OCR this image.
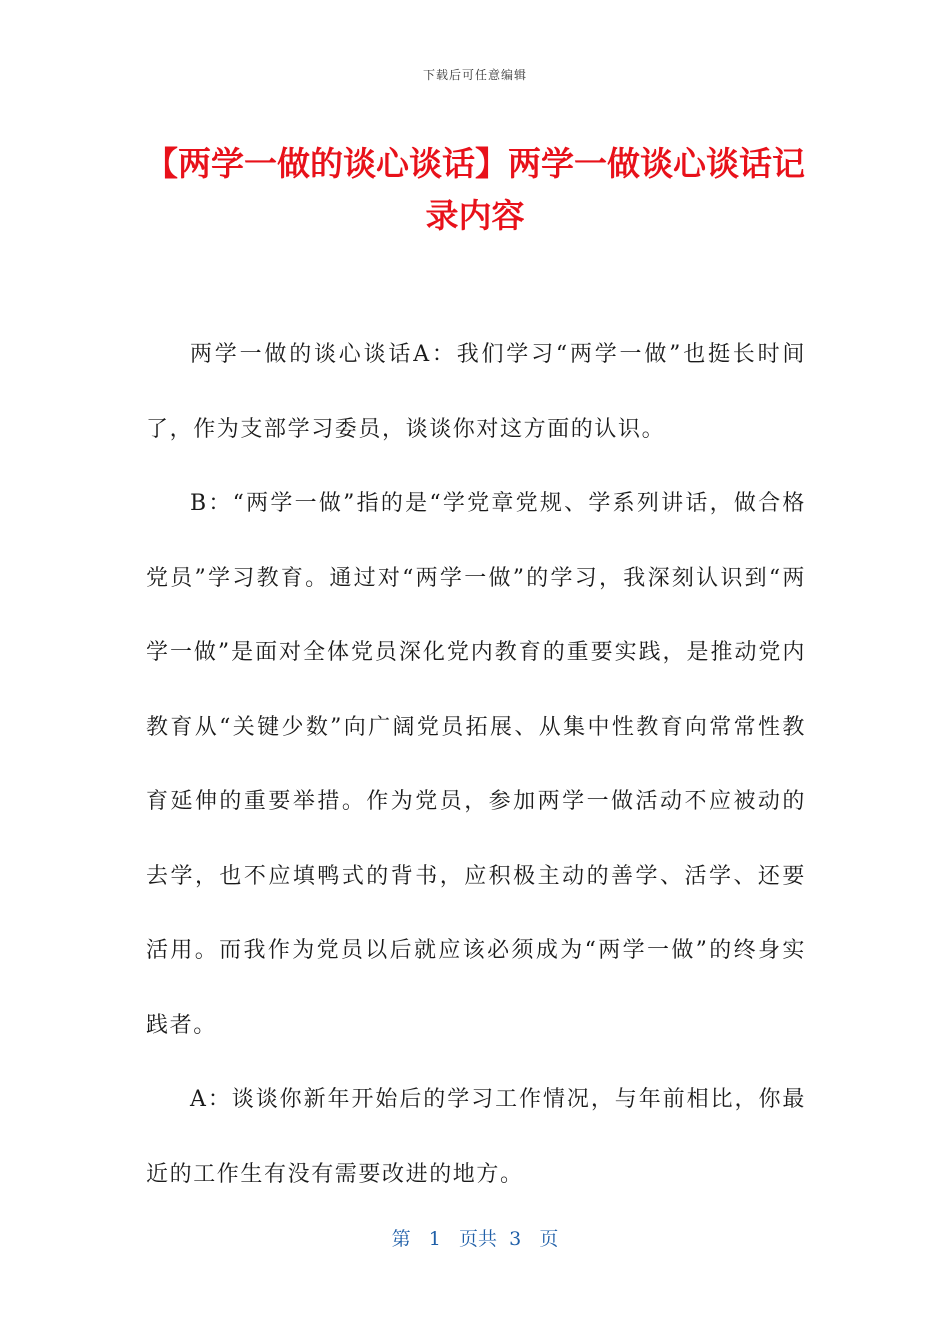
下载后可任意编辑
【两学一做的谈心谈话】两学一做谈心谈话记录内容

两学一做的谈心谈话A：我们学习“两学一做”也挺长时间了，作为支部学习委员，谈谈你对这方面的认识。

B：“两学一做”指的是“学党章党规、学系列讲话，做合格党员”学习教育。通过对“两学一做”的学习，我深刻认识到“两学一做”是面对全体党员深化党内教育的重要实践，是推动党内教育从“关键少数”向广阔党员拓展、从集中性教育向常常性教育延伸的重要举措。作为党员，参加两学一做活动不应被动的去学，也不应填鸭式的背书，应积极主动的善学、活学、还要活用。而我作为党员以后就应该必须成为“两学一做”的终身实践者。

A：谈谈你新年开始后的学习工作情况，与年前相比，你最近的工作生有没有需要改进的地方。

第 1 页共 3 页
